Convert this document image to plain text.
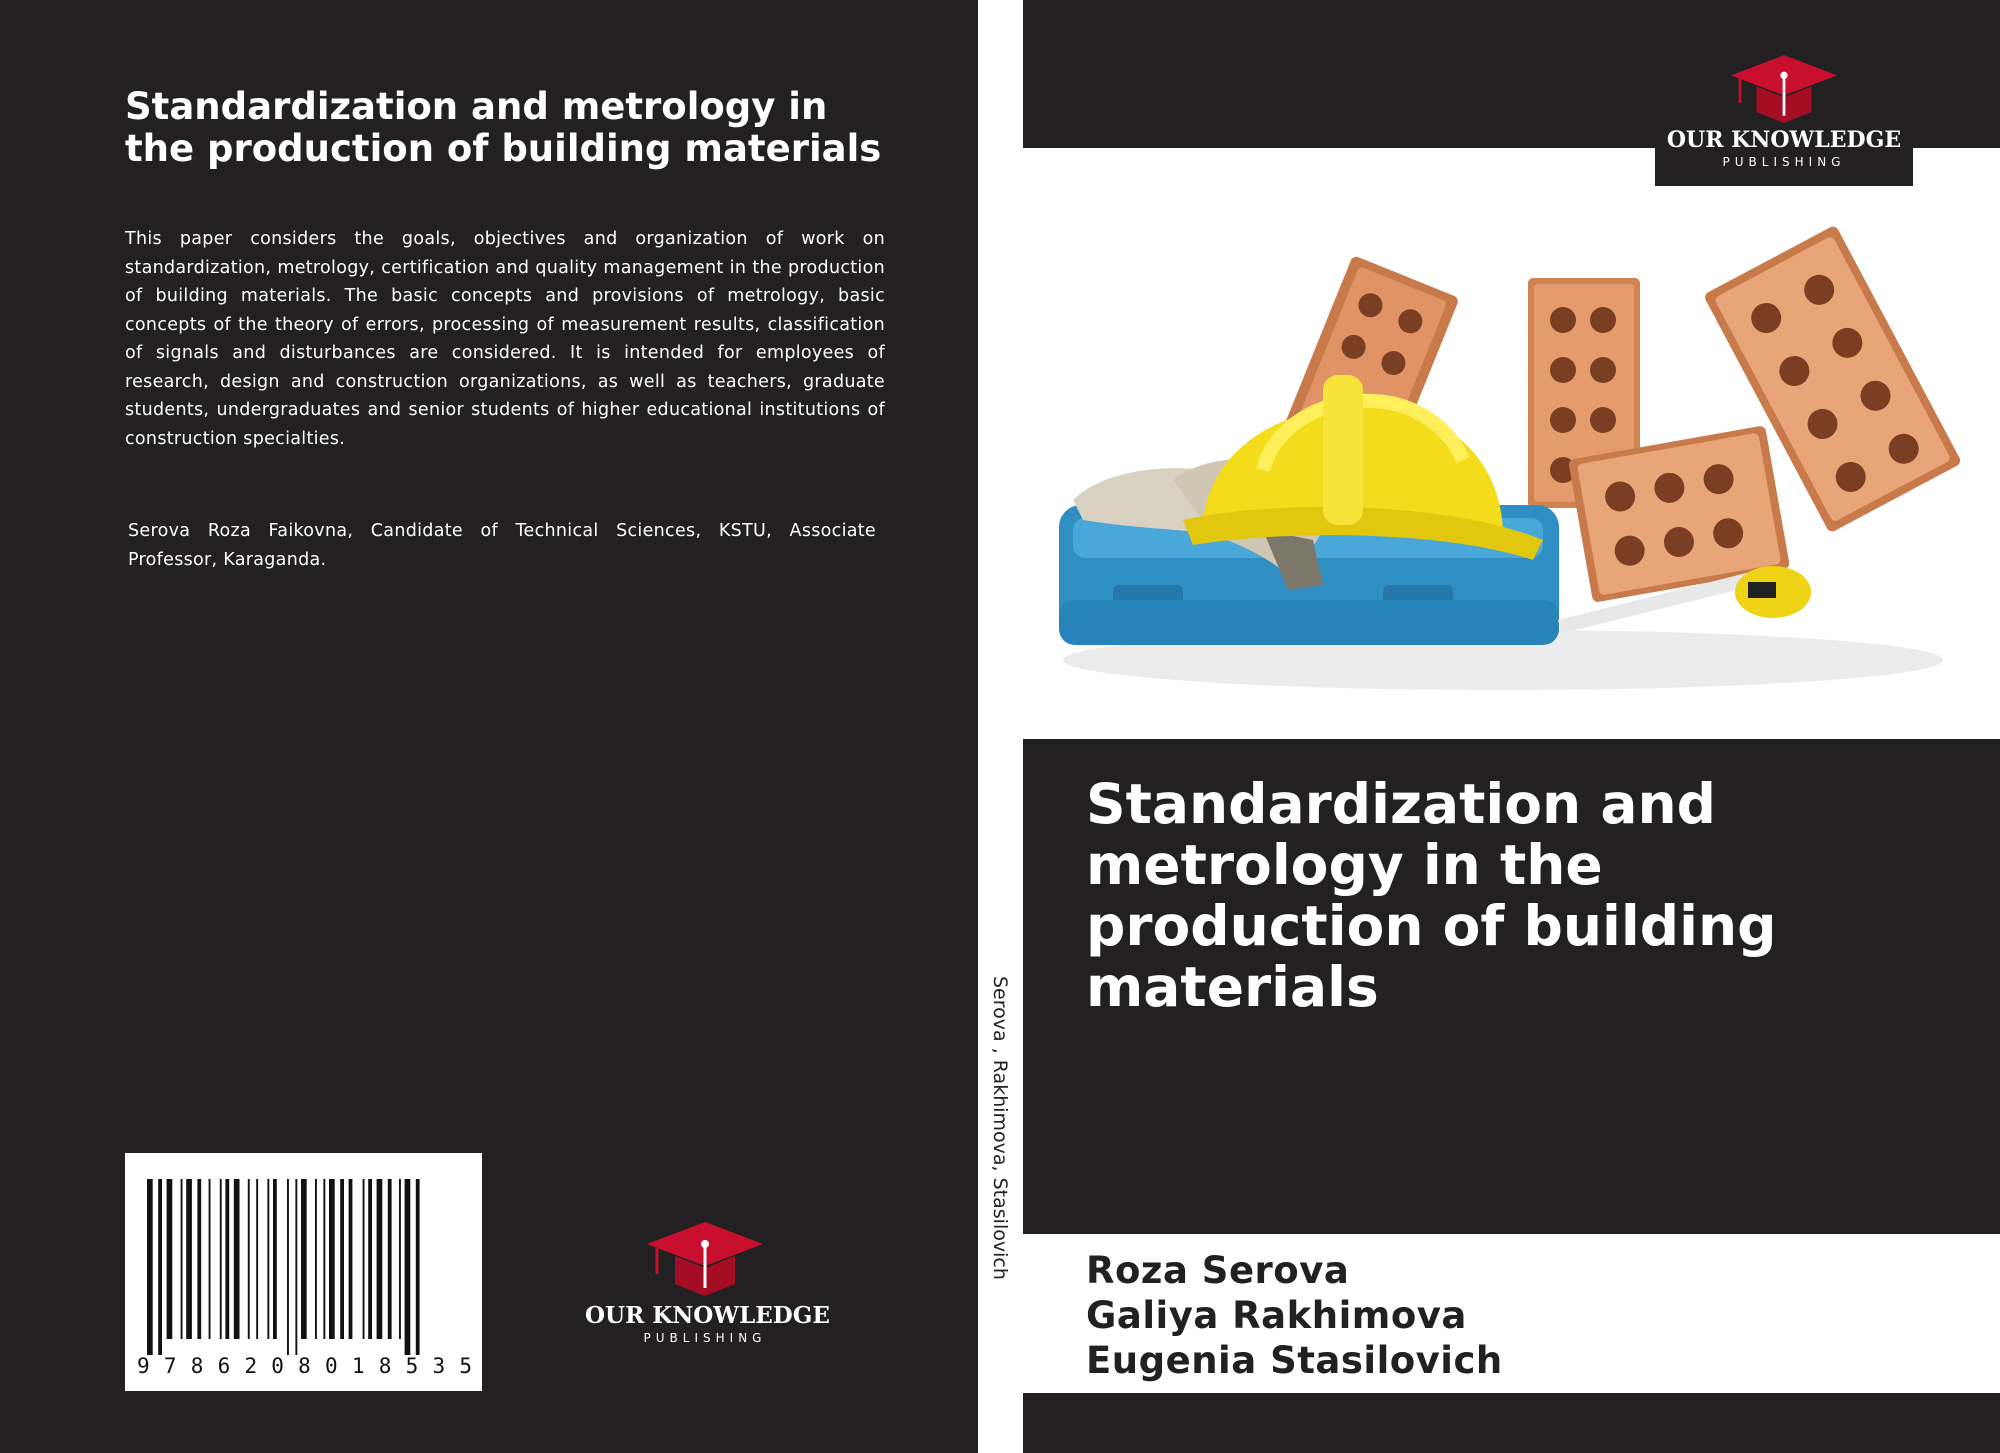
Standardization and metrology in the production of building materials

This paper considers the goals, objectives and organization of work on standardization, metrology, certification and quality management in the production of building materials. The basic concepts and provisions of metrology, basic concepts of the theory of errors, processing of measurement results, classification of signals and disturbances are considered. It is intended for employees of research, design and construction organizations, as well as teachers, graduate students, undergraduates and senior students of higher educational institutions of construction specialties.

Serova Roza Faikovna, Candidate of Technical Sciences, KSTU, Associate Professor, Karaganda.

9 7 8 6 2 0 8 0 1 8 5 3 5
OUR KNOWLEDGE
PUBLISHING
Serova , Rakhimova, Stasilovich
OUR KNOWLEDGE
PUBLISHING
Standardization and metrology in the production of building materials
Roza Serova
Galiya Rakhimova
Eugenia Stasilovich
